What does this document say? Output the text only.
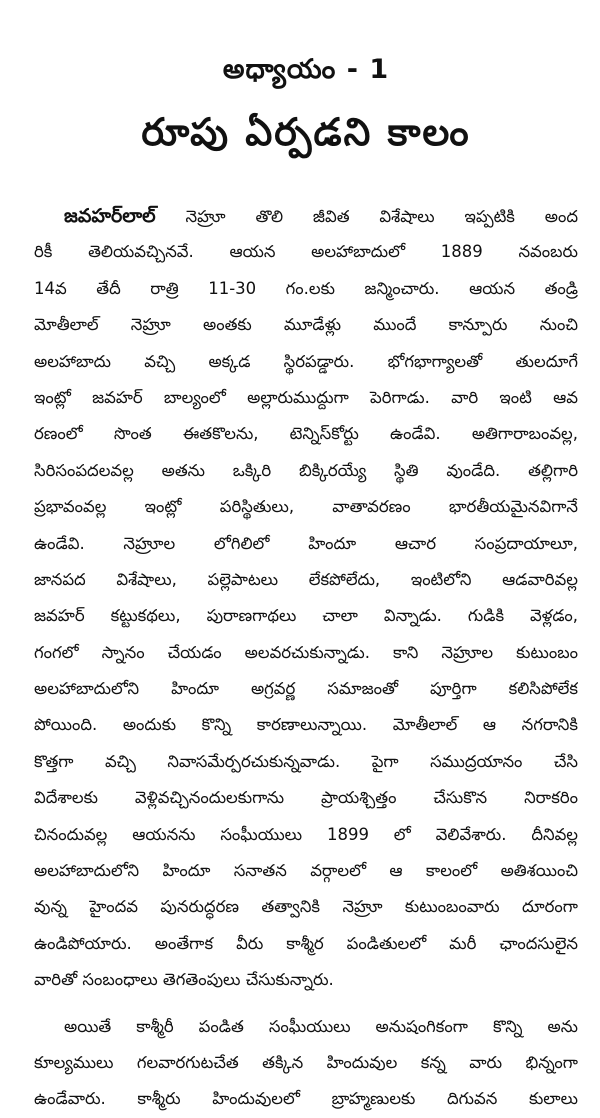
అధ్యాయం - 1
రూపు ఏర్పడని కాలం
జవహర్‌లాల్ నెహ్రూ తొలి జీవిత విశేషాలు ఇప్పటికి అంద
రికీ తెలియవచ్చినవే. ఆయన అలహాబాదులో 1889 నవంబరు
14వ తేదీ రాత్రి 11-30 గం.లకు జన్మించారు. ఆయన తండ్రి
మోతీలాల్ నెహ్రూ అంతకు మూడేళ్లు ముందే కాన్పూరు నుంచి
అలహాబాదు వచ్చి అక్కడ స్థిరపడ్డారు. భోగభాగ్యాలతో తులదూగే
ఇంట్లో జవహర్ బాల్యంలో అల్లారుముద్దుగా పెరిగాడు. వారి ఇంటి ఆవ
రణంలో సొంత ఈతకొలను, టెన్నిస్‌కోర్టు ఉండేవి. అతిగారాబంవల్ల,
సిరిసంపదలవల్ల అతను ఒక్కిరి బిక్కిరయ్యే స్థితి వుండేది. తల్లిగారి
ప్రభావంవల్ల ఇంట్లో పరిస్థితులు, వాతావరణం భారతీయమైనవిగానే
ఉండేవి. నెహ్రూల లోగిలిలో హిందూ ఆచార సంప్రదాయాలూ,
జానపద విశేషాలు, పల్లెపాటలు లేకపోలేదు, ఇంటిలోని ఆడవారివల్ల
జవహర్ కట్టుకథలు, పురాణగాథలు చాలా విన్నాడు. గుడికి వెళ్లడం,
గంగలో స్నానం చేయడం అలవరచుకున్నాడు. కాని నెహ్రూల కుటుంబం
అలహాబాదులోని హిందూ అగ్రవర్ణ సమాజంతో పూర్తిగా కలిసిపోలేక
పోయింది. అందుకు కొన్ని కారణాలున్నాయి. మోతీలాల్ ఆ నగరానికి
కొత్తగా వచ్చి నివాసమేర్పరచుకున్నవాడు. పైగా సముద్రయానం చేసి
విదేశాలకు వెళ్లివచ్చినందులకుగాను ప్రాయశ్చిత్తం చేసుకొన నిరాకరిం
చినందువల్ల ఆయనను సంఘీయులు 1899 లో వెలివేశారు. దీనివల్ల
అలహాబాదులోని హిందూ సనాతన వర్గాలలో ఆ కాలంలో అతిశయించి
వున్న హైందవ పునరుద్ధరణ తత్వానికి నెహ్రూ కుటుంబంవారు దూరంగా
ఉండిపోయారు. అంతేగాక వీరు కాశ్మీర పండితులలో మరీ ఛాందసులైన
వారితో సంబంధాలు తెగతెంపులు చేసుకున్నారు.
అయితే కాశ్మీరీ పండిత సంఘీయులు అనుషంగికంగా కొన్ని అను
కూల్యములు గలవారగుటచేత తక్కిన హిందువుల కన్న వారు భిన్నంగా
ఉండేవారు. కాశ్మీరు హిందువులలో బ్రాహ్మణులకు దిగువన కులాలు
